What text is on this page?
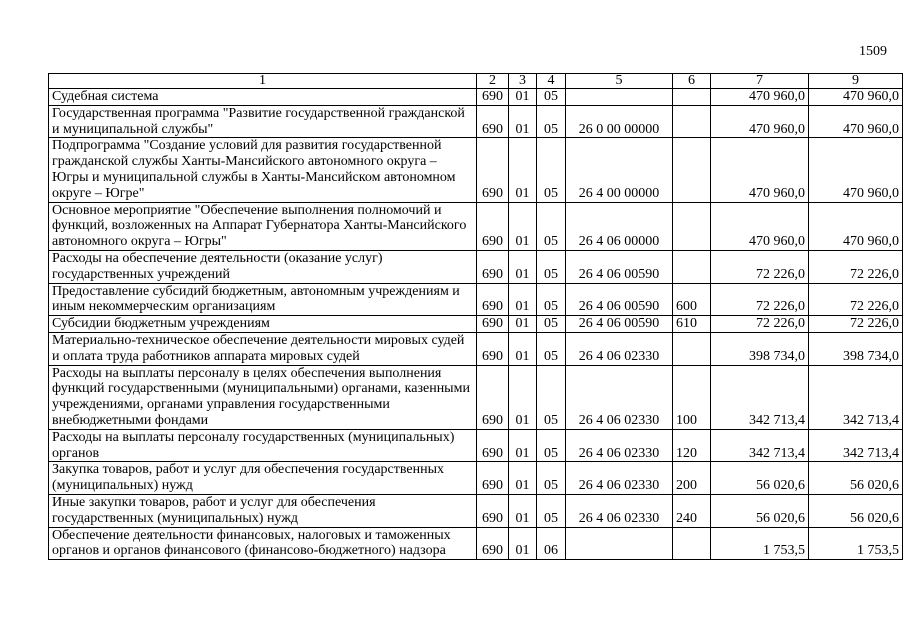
1509
1	2	3	4	5	6	7	9
Судебная система	690	01	05			470 960,0	470 960,0
Государственная программа "Развитие государственной гражданской и муниципальной службы"	690	01	05	26 0 00 00000		470 960,0	470 960,0
Подпрограмма "Создание условий для развития государственной гражданской службы Ханты-Мансийского автономного округа – Югры и муниципальной службы в Ханты-Мансийском автономном округе – Югре"	690	01	05	26 4 00 00000		470 960,0	470 960,0
Основное мероприятие "Обеспечение выполнения полномочий и функций, возложенных на Аппарат Губернатора Ханты-Мансийского автономного округа – Югры"	690	01	05	26 4 06 00000		470 960,0	470 960,0
Расходы на обеспечение деятельности (оказание услуг) государственных учреждений	690	01	05	26 4 06 00590		72 226,0	72 226,0
Предоставление субсидий бюджетным, автономным учреждениям и иным некоммерческим организациям	690	01	05	26 4 06 00590	600	72 226,0	72 226,0
Субсидии бюджетным учреждениям	690	01	05	26 4 06 00590	610	72 226,0	72 226,0
Материально-техническое обеспечение деятельности мировых судей и оплата труда работников аппарата мировых судей	690	01	05	26 4 06 02330		398 734,0	398 734,0
Расходы на выплаты персоналу в целях обеспечения выполнения функций государственными (муниципальными) органами, казенными учреждениями, органами управления государственными внебюджетными фондами	690	01	05	26 4 06 02330	100	342 713,4	342 713,4
Расходы на выплаты персоналу государственных (муниципальных) органов	690	01	05	26 4 06 02330	120	342 713,4	342 713,4
Закупка товаров, работ и услуг для обеспечения государственных (муниципальных) нужд	690	01	05	26 4 06 02330	200	56 020,6	56 020,6
Иные закупки товаров, работ и услуг для обеспечения государственных (муниципальных) нужд	690	01	05	26 4 06 02330	240	56 020,6	56 020,6
Обеспечение деятельности финансовых, налоговых и таможенных органов и органов финансового (финансово-бюджетного) надзора	690	01	06			1 753,5	1 753,5
